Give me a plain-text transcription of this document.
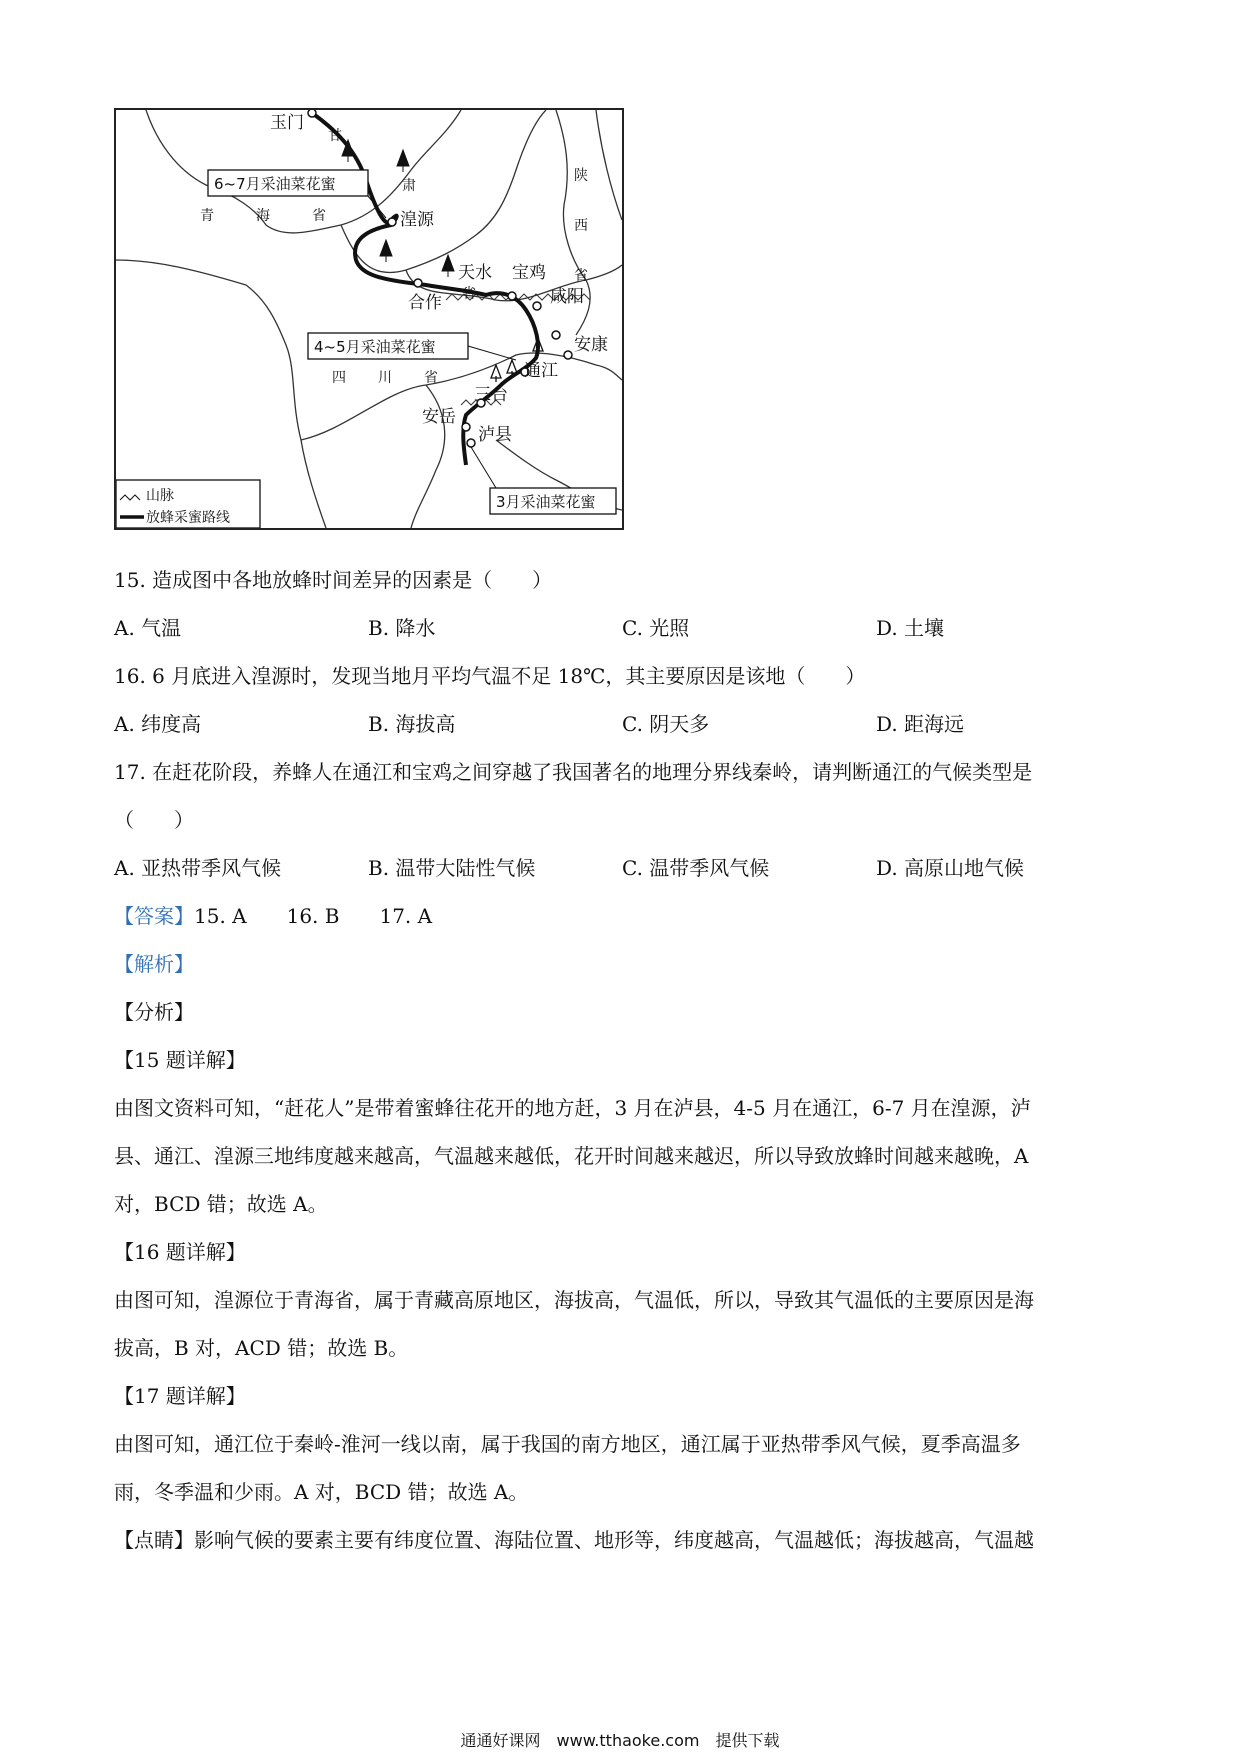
玉门
湟源
合作
天水 宝鸡
咸阳
安康
通江
三台
安岳
泸县
甘
肃
省
青	海	省
陕
西
省
四 川 省
6~7月采油菜花蜜
4~5月采油菜花蜜
3月采油菜花蜜
山脉
放蜂采蜜路线
15. 造成图中各地放蜂时间差异的因素是（　　）
A. 气温	B. 降水	C. 光照	D. 土壤
16. 6 月底进入湟源时，发现当地月平均气温不足 18℃，其主要原因是该地（　　）
A. 纬度高	B. 海拔高	C. 阴天多	D. 距海远
17. 在赶花阶段，养蜂人在通江和宝鸡之间穿越了我国著名的地理分界线秦岭，请判断通江的气候类型是
（　　）
A. 亚热带季风气候	B. 温带大陆性气候	C. 温带季风气候	D. 高原山地气候
【答案】15. A　　16. B　　17. A
【解析】
【分析】
【15 题详解】
由图文资料可知，“赶花人”是带着蜜蜂往花开的地方赶，3 月在泸县，4-5 月在通江，6-7 月在湟源，泸
县、通江、湟源三地纬度越来越高，气温越来越低，花开时间越来越迟，所以导致放蜂时间越来越晚，A
对，BCD 错；故选 A。
【16 题详解】
由图可知，湟源位于青海省，属于青藏高原地区，海拔高，气温低，所以，导致其气温低的主要原因是海
拔高，B 对，ACD 错；故选 B。
【17 题详解】
由图可知，通江位于秦岭-淮河一线以南，属于我国的南方地区，通江属于亚热带季风气候，夏季高温多
雨，冬季温和少雨。A 对，BCD 错；故选 A。
【点睛】影响气候的要素主要有纬度位置、海陆位置、地形等，纬度越高，气温越低；海拔越高，气温越
通通好课网　www.tthaoke.com　提供下载
